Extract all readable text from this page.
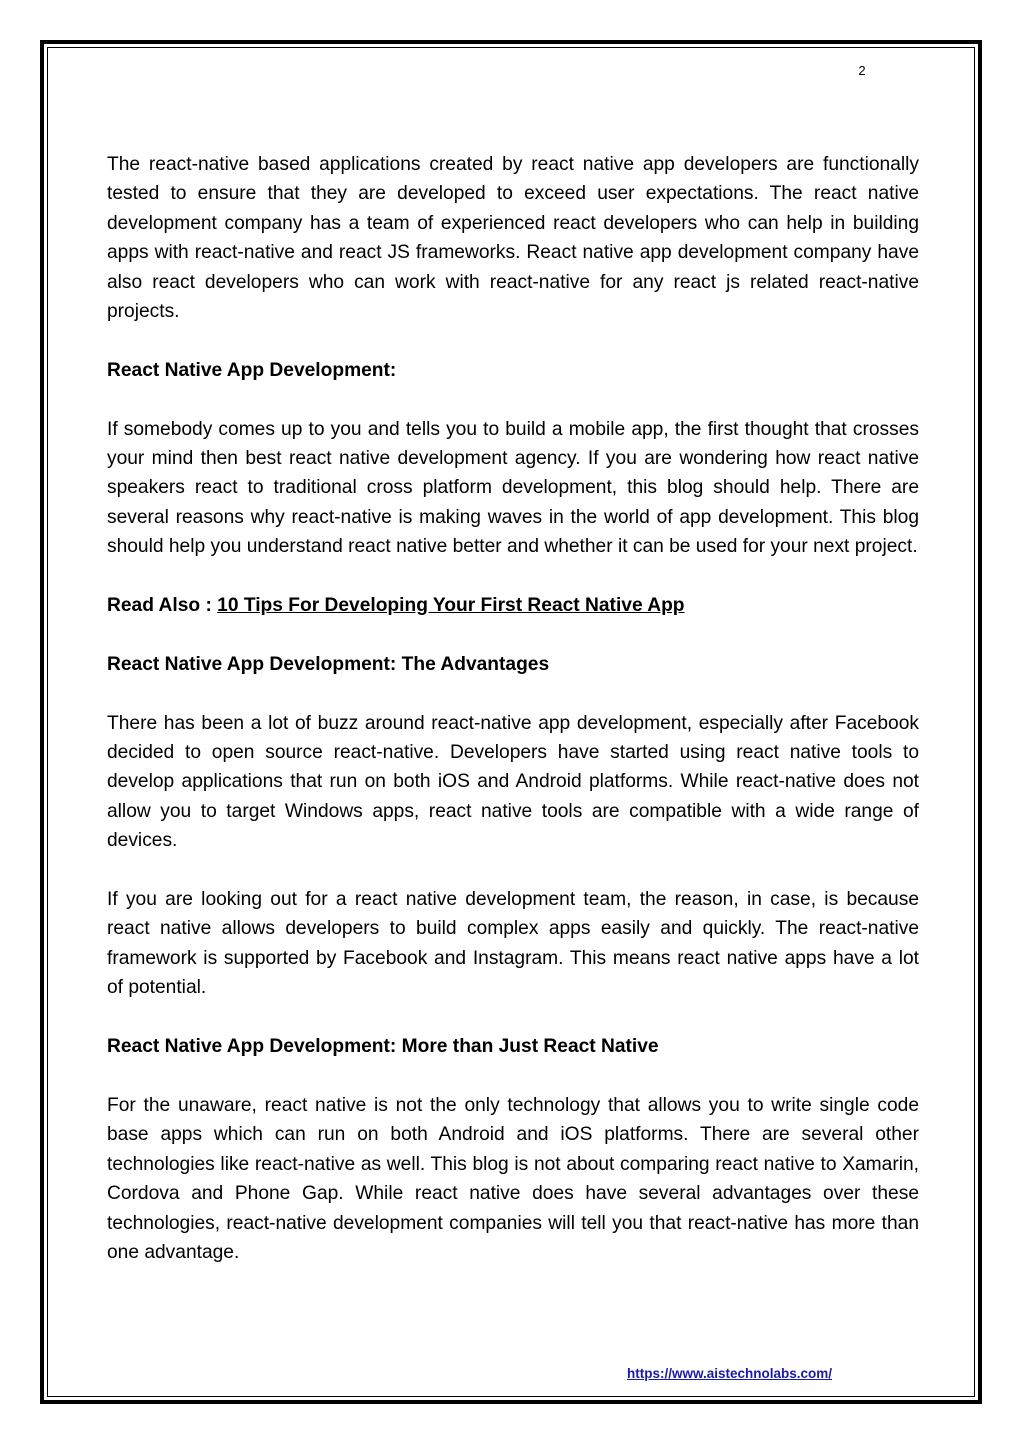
2

The react-native based applications created by react native app developers are functionally tested to ensure that they are developed to exceed user expectations. The react native development company has a team of experienced react developers who can help in building apps with react-native and react JS frameworks. React native app development company have also react developers who can work with react-native for any react js related react-native projects.

React Native App Development:

If somebody comes up to you and tells you to build a mobile app, the first thought that crosses your mind then best react native development agency. If you are wondering how react native speakers react to traditional cross platform development, this blog should help. There are several reasons why react-native is making waves in the world of app development. This blog should help you understand react native better and whether it can be used for your next project.

Read Also : 10 Tips For Developing Your First React Native App

React Native App Development: The Advantages

There has been a lot of buzz around react-native app development, especially after Facebook decided to open source react-native. Developers have started using react native tools to develop applications that run on both iOS and Android platforms. While react-native does not allow you to target Windows apps, react native tools are compatible with a wide range of devices.

If you are looking out for a react native development team, the reason, in case, is because react native allows developers to build complex apps easily and quickly. The react-native framework is supported by Facebook and Instagram. This means react native apps have a lot of potential.

React Native App Development: More than Just React Native

For the unaware, react native is not the only technology that allows you to write single code base apps which can run on both Android and iOS platforms. There are several other technologies like react-native as well. This blog is not about comparing react native to Xamarin, Cordova and Phone Gap. While react native does have several advantages over these technologies, react-native development companies will tell you that react-native has more than one advantage.

https://www.aistechnolabs.com/
